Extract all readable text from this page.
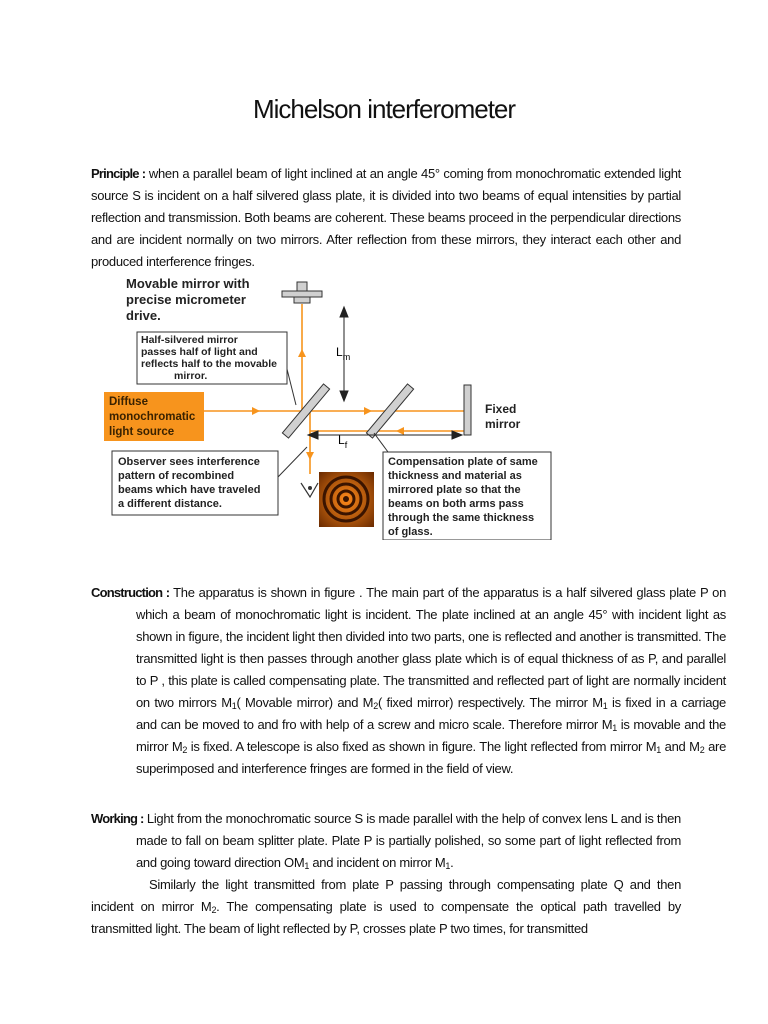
Michelson interferometer
Principle : when a parallel beam of light inclined at an angle 45° coming from monochromatic extended light source S is incident on a half silvered glass plate, it is divided into two beams of equal intensities by partial reflection and transmission. Both beams are coherent. These beams proceed in the perpendicular directions and are incident normally on two mirrors. After reflection from these mirrors, they interact each other and produced interference fringes.
$L_m$
$L_f$
Movable mirror with precise micrometer drive.
Half-silvered mirror passes half of light and reflects half to the movable mirror.
Diffuse monochromatic light source
Fixed mirror
Observer sees interference pattern of recombined beams which have traveled a different distance.
Compensation plate of same thickness and material as mirrored plate so that the beams on both arms pass through the same thickness of glass.
Construction : The apparatus is shown in figure . The main part of the apparatus is a half silvered glass plate P on which a beam of monochromatic light is incident. The plate inclined at an angle 45° with incident light as shown in figure, the incident light then divided into two parts, one is reflected and another is transmitted. The transmitted light is then passes through another glass plate which is of equal thickness of as P, and parallel to P , this plate is called compensating plate. The transmitted and reflected part of light are normally incident on two mirrors $M_1$( Movable mirror) and $M_2$( fixed mirror) respectively. The mirror $M_1$ is fixed in a carriage and can be moved to and fro with help of a screw and micro scale. Therefore mirror $M_1$ is movable and the mirror $M_2$ is fixed. A telescope is also fixed as shown in figure. The light reflected from mirror $M_1$ and $M_2$ are superimposed and interference fringes are formed in the field of view.
Working : Light from the monochromatic source S is made parallel with the help of convex lens L and is then made to fall on beam splitter plate. Plate P is partially polished, so some part of light reflected from and going toward direction $OM_1$ and incident on mirror $M_1$.
Similarly the light transmitted from plate P passing through compensating plate Q and then incident on mirror $M_2$. The compensating plate is used to compensate the optical path travelled by transmitted light. The beam of light reflected by P, crosses plate P two times, for transmitted
